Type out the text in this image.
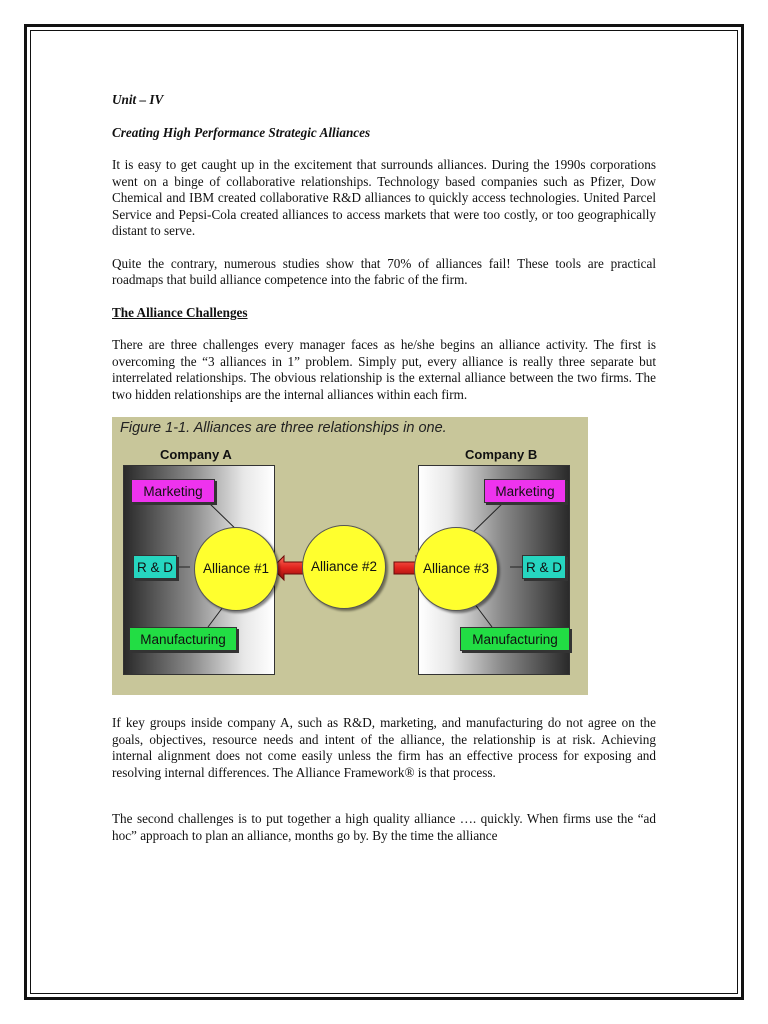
Unit – IV
Creating High Performance Strategic Alliances

It is easy to get caught up in the excitement that surrounds alliances. During the 1990s corporations went on a binge of collaborative relationships. Technology based companies such as Pfizer, Dow Chemical and IBM created collaborative R&D alliances to quickly access technologies. United Parcel Service and Pepsi-Cola created alliances to access markets that were too costly, or too geographically distant to serve.

Quite the contrary, numerous studies show that 70% of alliances fail! These tools are practical roadmaps that build alliance competence into the fabric of the firm.

The Alliance Challenges

There are three challenges every manager faces as he/she begins an alliance activity. The first is overcoming the “3 alliances in 1” problem. Simply put, every alliance is really three separate but interrelated relationships. The obvious relationship is the external alliance between the two firms. The two hidden relationships are the internal alliances within each firm.

Figure 1-1. Alliances are three relationships in one.
Company A	Company B
Marketing
R & D
Manufacturing
Marketing
R & D
Manufacturing
Alliance #1	Alliance #2	Alliance #3

If key groups inside company A, such as R&D, marketing, and manufacturing do not agree on the goals, objectives, resource needs and intent of the alliance, the relationship is at risk. Achieving internal alignment does not come easily unless the firm has an effective process for exposing and resolving internal differences. The Alliance Framework® is that process.

The second challenges is to put together a high quality alliance …. quickly. When firms use the “ad hoc” approach to plan an alliance, months go by. By the time the alliance
